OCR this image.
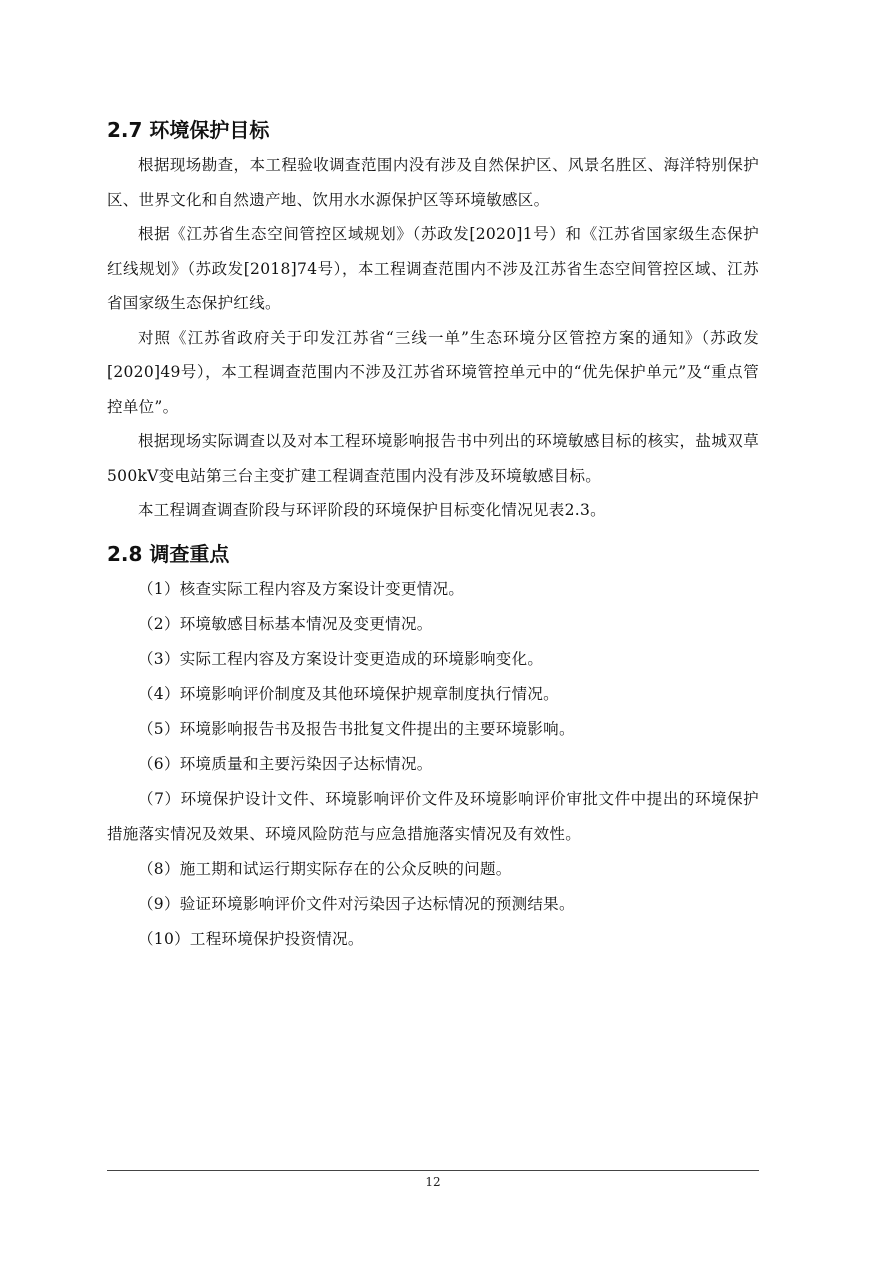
2.7 环境保护目标

根据现场勘查，本工程验收调查范围内没有涉及自然保护区、风景名胜区、海洋特别保护区、世界文化和自然遗产地、饮用水水源保护区等环境敏感区。

根据《江苏省生态空间管控区域规划》（苏政发[2020]1号）和《江苏省国家级生态保护红线规划》（苏政发[2018]74号），本工程调查范围内不涉及江苏省生态空间管控区域、江苏省国家级生态保护红线。

对照《江苏省政府关于印发江苏省“三线一单”生态环境分区管控方案的通知》（苏政发[2020]49号），本工程调查范围内不涉及江苏省环境管控单元中的“优先保护单元”及“重点管控单位”。

根据现场实际调查以及对本工程环境影响报告书中列出的环境敏感目标的核实，盐城双草500kV变电站第三台主变扩建工程调查范围内没有涉及环境敏感目标。

本工程调查调查阶段与环评阶段的环境保护目标变化情况见表2.3。

2.8 调查重点

（1）核查实际工程内容及方案设计变更情况。

（2）环境敏感目标基本情况及变更情况。

（3）实际工程内容及方案设计变更造成的环境影响变化。

（4）环境影响评价制度及其他环境保护规章制度执行情况。

（5）环境影响报告书及报告书批复文件提出的主要环境影响。

（6）环境质量和主要污染因子达标情况。

（7）环境保护设计文件、环境影响评价文件及环境影响评价审批文件中提出的环境保护措施落实情况及效果、环境风险防范与应急措施落实情况及有效性。

（8）施工期和试运行期实际存在的公众反映的问题。

（9）验证环境影响评价文件对污染因子达标情况的预测结果。

（10）工程环境保护投资情况。

12
